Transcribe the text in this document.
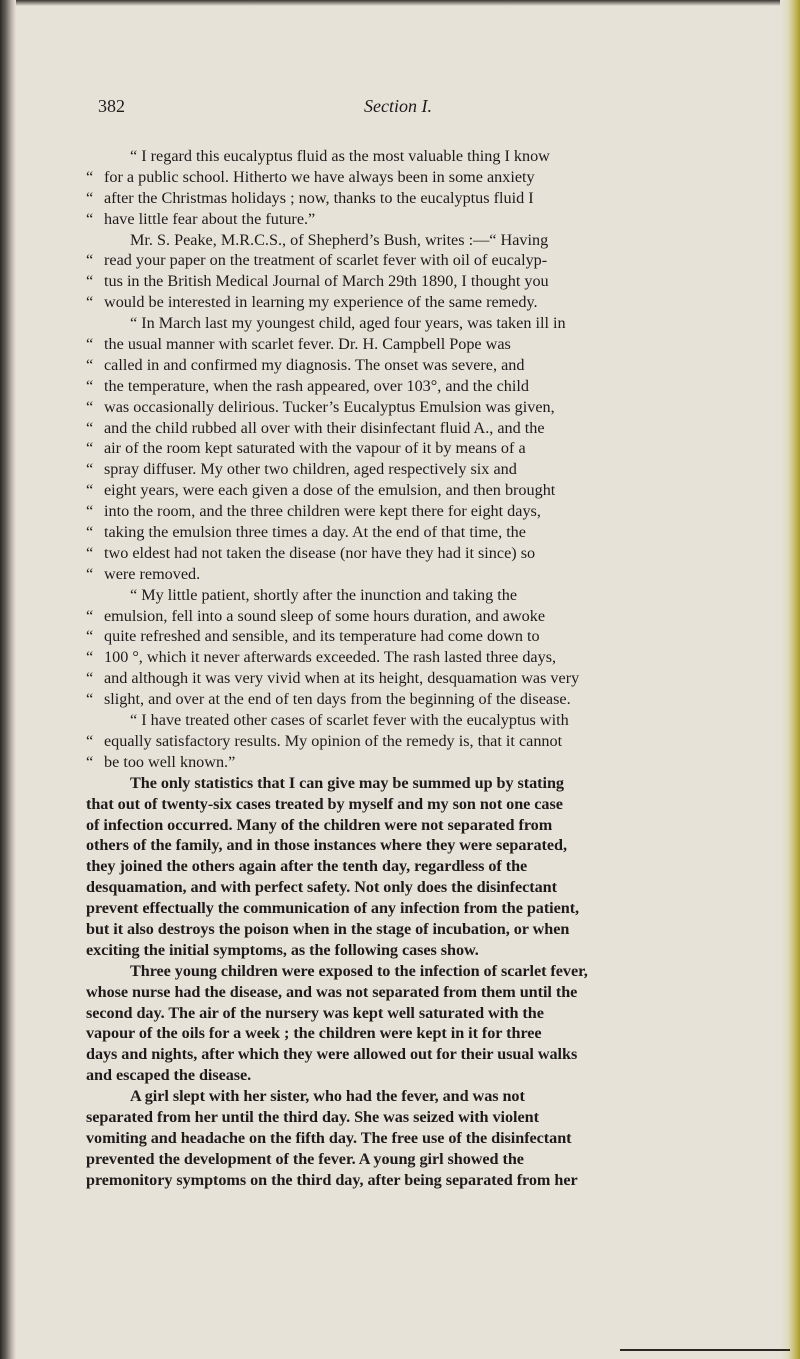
382	Section I.
“ I regard this eucalyptus fluid as the most valuable thing I know
“ for a public school. Hitherto we have always been in some anxiety
“ after the Christmas holidays ; now, thanks to the eucalyptus fluid I
“ have little fear about the future.”
Mr. S. Peake, M.R.C.S., of Shepherd’s Bush, writes :—“ Having
“ read your paper on the treatment of scarlet fever with oil of eucalyp-
“ tus in the British Medical Journal of March 29th 1890, I thought you
“ would be interested in learning my experience of the same remedy.
“ In March last my youngest child, aged four years, was taken ill in
“ the usual manner with scarlet fever. Dr. H. Campbell Pope was
“ called in and confirmed my diagnosis. The onset was severe, and
“ the temperature, when the rash appeared, over 103°, and the child
“ was occasionally delirious. Tucker’s Eucalyptus Emulsion was given,
“ and the child rubbed all over with their disinfectant fluid A., and the
“ air of the room kept saturated with the vapour of it by means of a
“ spray diffuser. My other two children, aged respectively six and
“ eight years, were each given a dose of the emulsion, and then brought
“ into the room, and the three children were kept there for eight days,
“ taking the emulsion three times a day. At the end of that time, the
“ two eldest had not taken the disease (nor have they had it since) so
“ were removed.
“ My little patient, shortly after the inunction and taking the
“ emulsion, fell into a sound sleep of some hours duration, and awoke
“ quite refreshed and sensible, and its temperature had come down to
“ 100 °, which it never afterwards exceeded. The rash lasted three days,
“ and although it was very vivid when at its height, desquamation was very
“ slight, and over at the end of ten days from the beginning of the disease.
“ I have treated other cases of scarlet fever with the eucalyptus with
“ equally satisfactory results. My opinion of the remedy is, that it cannot
“ be too well known.”
The only statistics that I can give may be summed up by stating
that out of twenty-six cases treated by myself and my son not one case
of infection occurred. Many of the children were not separated from
others of the family, and in those instances where they were separated,
they joined the others again after the tenth day, regardless of the
desquamation, and with perfect safety. Not only does the disinfectant
prevent effectually the communication of any infection from the patient,
but it also destroys the poison when in the stage of incubation, or when
exciting the initial symptoms, as the following cases show.
Three young children were exposed to the infection of scarlet fever,
whose nurse had the disease, and was not separated from them until the
second day. The air of the nursery was kept well saturated with the
vapour of the oils for a week ; the children were kept in it for three
days and nights, after which they were allowed out for their usual walks
and escaped the disease.
A girl slept with her sister, who had the fever, and was not
separated from her until the third day. She was seized with violent
vomiting and headache on the fifth day. The free use of the disinfectant
prevented the development of the fever. A young girl showed the
premonitory symptoms on the third day, after being separated from her
